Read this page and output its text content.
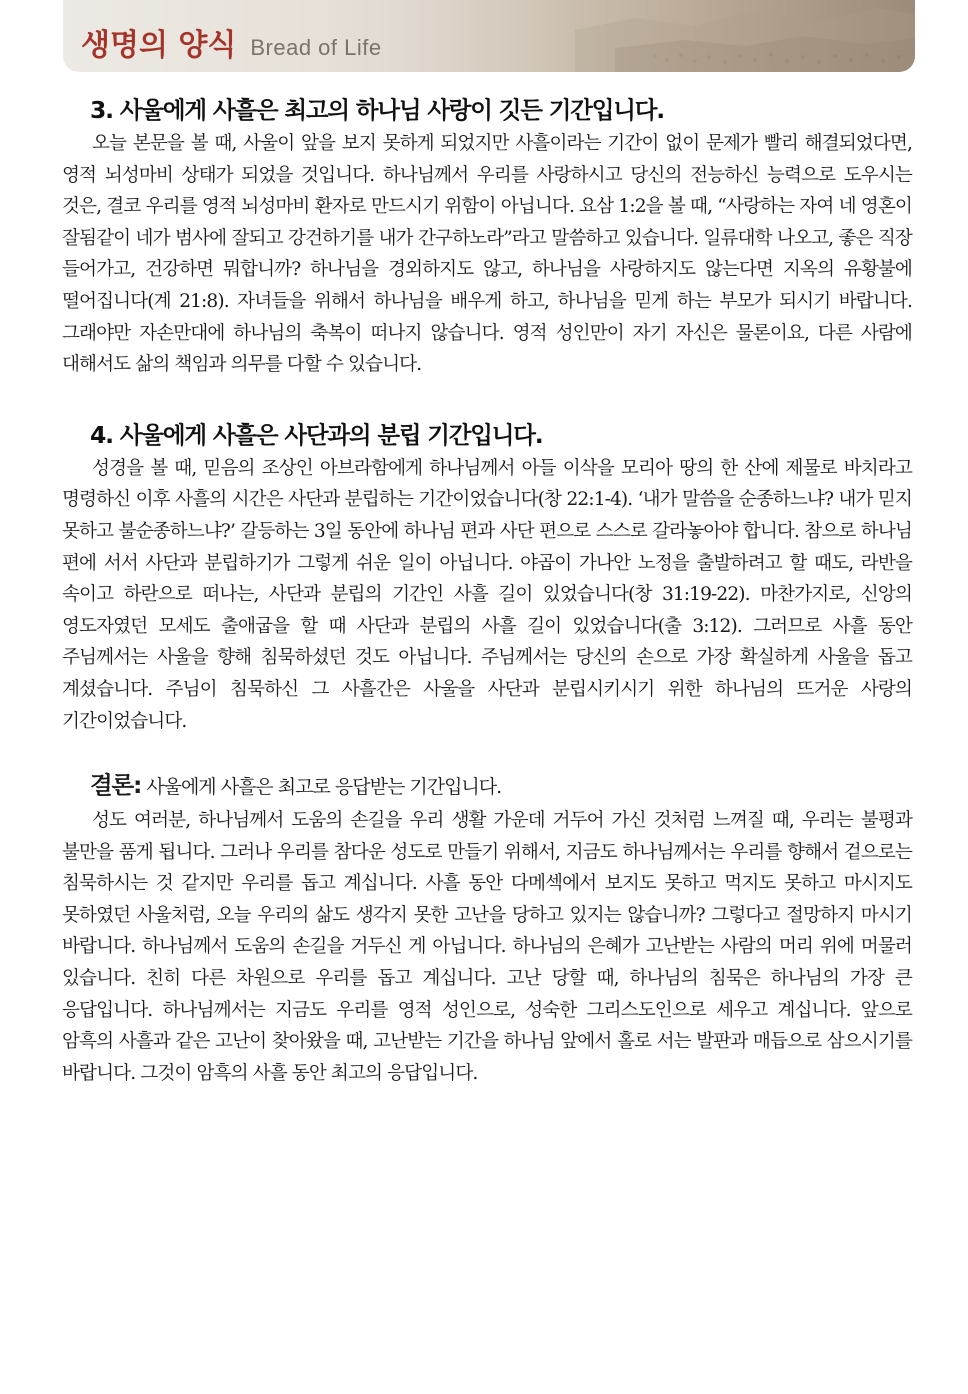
생명의 양식 Bread of Life
3. 사울에게 사흘은 최고의 하나님 사랑이 깃든 기간입니다.

오늘 본문을 볼 때, 사울이 앞을 보지 못하게 되었지만 사흘이라는 기간이 없이 문제가 빨리 해결되었다면, 영적 뇌성마비 상태가 되었을 것입니다. 하나님께서 우리를 사랑하시고 당신의 전능하신 능력으로 도우시는 것은, 결코 우리를 영적 뇌성마비 환자로 만드시기 위함이 아닙니다. 요삼 1:2을 볼 때, “사랑하는 자여 네 영혼이 잘됨같이 네가 범사에 잘되고 강건하기를 내가 간구하노라”라고 말씀하고 있습니다. 일류대학 나오고, 좋은 직장 들어가고, 건강하면 뭐합니까? 하나님을 경외하지도 않고, 하나님을 사랑하지도 않는다면 지옥의 유황불에 떨어집니다(계 21:8). 자녀들을 위해서 하나님을 배우게 하고, 하나님을 믿게 하는 부모가 되시기 바랍니다. 그래야만 자손만대에 하나님의 축복이 떠나지 않습니다. 영적 성인만이 자기 자신은 물론이요, 다른 사람에 대해서도 삶의 책임과 의무를 다할 수 있습니다.

4. 사울에게 사흘은 사단과의 분립 기간입니다.

성경을 볼 때, 믿음의 조상인 아브라함에게 하나님께서 아들 이삭을 모리아 땅의 한 산에 제물로 바치라고 명령하신 이후 사흘의 시간은 사단과 분립하는 기간이었습니다(창 22:1-4). ‘내가 말씀을 순종하느냐? 내가 믿지 못하고 불순종하느냐?’ 갈등하는 3일 동안에 하나님 편과 사단 편으로 스스로 갈라놓아야 합니다. 참으로 하나님 편에 서서 사단과 분립하기가 그렇게 쉬운 일이 아닙니다. 야곱이 가나안 노정을 출발하려고 할 때도, 라반을 속이고 하란으로 떠나는, 사단과 분립의 기간인 사흘 길이 있었습니다(창 31:19-22). 마찬가지로, 신앙의 영도자였던 모세도 출애굽을 할 때 사단과 분립의 사흘 길이 있었습니다(출 3:12). 그러므로 사흘 동안 주님께서는 사울을 향해 침묵하셨던 것도 아닙니다. 주님께서는 당신의 손으로 가장 확실하게 사울을 돕고 계셨습니다. 주님이 침묵하신 그 사흘간은 사울을 사단과 분립시키시기 위한 하나님의 뜨거운 사랑의 기간이었습니다.

결론: 사울에게 사흘은 최고로 응답받는 기간입니다.

성도 여러분, 하나님께서 도움의 손길을 우리 생활 가운데 거두어 가신 것처럼 느껴질 때, 우리는 불평과 불만을 품게 됩니다. 그러나 우리를 참다운 성도로 만들기 위해서, 지금도 하나님께서는 우리를 향해서 겉으로는 침묵하시는 것 같지만 우리를 돕고 계십니다. 사흘 동안 다메섹에서 보지도 못하고 먹지도 못하고 마시지도 못하였던 사울처럼, 오늘 우리의 삶도 생각지 못한 고난을 당하고 있지는 않습니까? 그렇다고 절망하지 마시기 바랍니다. 하나님께서 도움의 손길을 거두신 게 아닙니다. 하나님의 은혜가 고난받는 사람의 머리 위에 머물러 있습니다. 친히 다른 차원으로 우리를 돕고 계십니다. 고난 당할 때, 하나님의 침묵은 하나님의 가장 큰 응답입니다. 하나님께서는 지금도 우리를 영적 성인으로, 성숙한 그리스도인으로 세우고 계십니다. 앞으로 암흑의 사흘과 같은 고난이 찾아왔을 때, 고난받는 기간을 하나님 앞에서 홀로 서는 발판과 매듭으로 삼으시기를 바랍니다. 그것이 암흑의 사흘 동안 최고의 응답입니다.
